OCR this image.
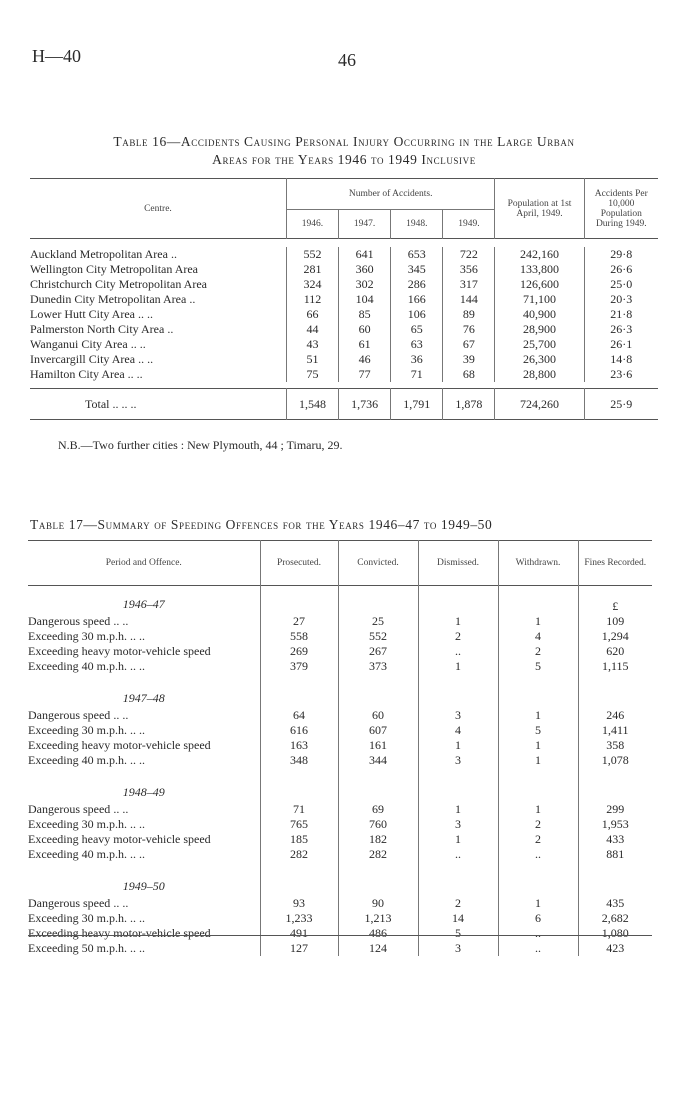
H—40	46
Table 16—Accidents Causing Personal Injury Occurring in the Large Urban
Areas for the Years 1946 to 1949 Inclusive
Centre.	Number of Accidents.				Population at 1st April, 1949.	Accidents Per 10,000 Population During 1949.
	1946.	1947.	1948.	1949.		

Auckland Metropolitan Area ..	552	641	653	722	242,160	29·8
Wellington City Metropolitan Area	281	360	345	356	133,800	26·6
Christchurch City Metropolitan Area	324	302	286	317	126,600	25·0
Dunedin City Metropolitan Area ..	112	104	166	144	71,100	20·3
Lower Hutt City Area .. ..	66	85	106	89	40,900	21·8
Palmerston North City Area ..	44	60	65	76	28,900	26·3
Wanganui City Area .. ..	43	61	63	67	25,700	26·1
Invercargill City Area .. ..	51	46	36	39	26,300	14·8
Hamilton City Area .. ..	75	77	71	68	28,800	23·6

Total .. .. ..	1,548	1,736	1,791	1,878	724,260	25·9
N.B.—Two further cities : New Plymouth, 44 ; Timaru, 29.
Table 17—Summary of Speeding Offences for the Years 1946–47 to 1949–50
Period and Offence.	Prosecuted.	Convicted.	Dismissed.	Withdrawn.	Fines Recorded.
1946–47					£
Dangerous speed .. ..	27	25	1	1	109
Exceeding 30 m.p.h. .. ..	558	552	2	4	1,294
Exceeding heavy motor-vehicle speed	269	267	..	2	620
Exceeding 40 m.p.h. .. ..	379	373	1	5	1,115
1947–48					
Dangerous speed .. ..	64	60	3	1	246
Exceeding 30 m.p.h. .. ..	616	607	4	5	1,411
Exceeding heavy motor-vehicle speed	163	161	1	1	358
Exceeding 40 m.p.h. .. ..	348	344	3	1	1,078
1948–49					
Dangerous speed .. ..	71	69	1	1	299
Exceeding 30 m.p.h. .. ..	765	760	3	2	1,953
Exceeding heavy motor-vehicle speed	185	182	1	2	433
Exceeding 40 m.p.h. .. ..	282	282	..	..	881
1949–50					
Dangerous speed .. ..	93	90	2	1	435
Exceeding 30 m.p.h. .. ..	1,233	1,213	14	6	2,682
Exceeding heavy motor-vehicle speed	491	486	5	..	1,080
Exceeding 50 m.p.h. .. ..	127	124	3	..	423
